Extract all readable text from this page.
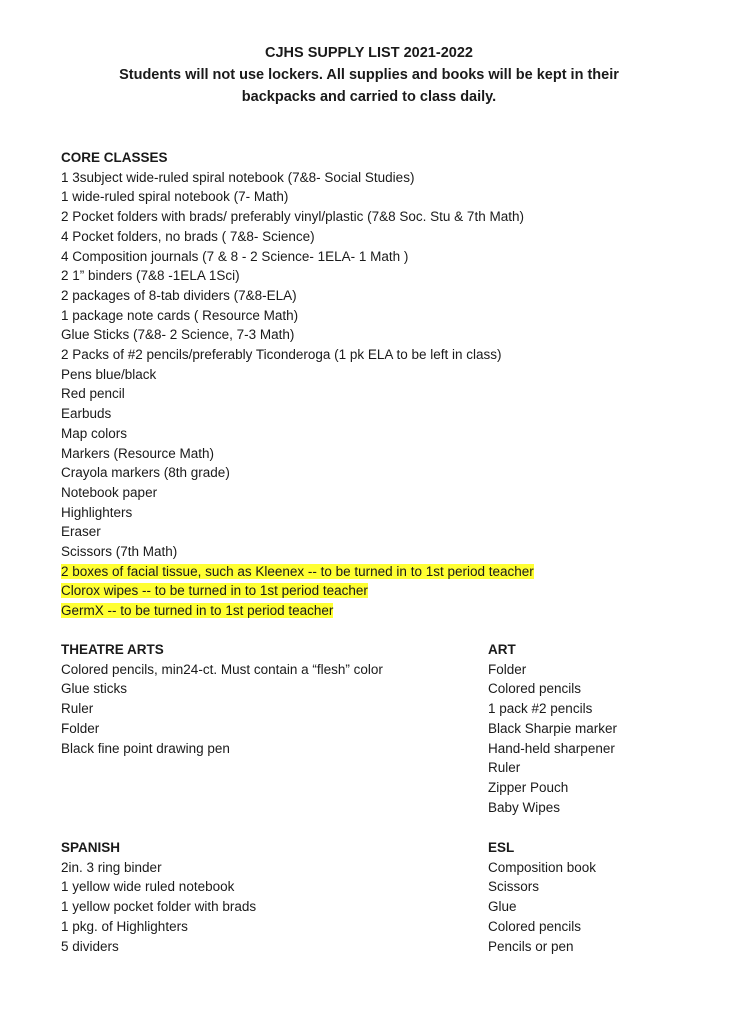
CJHS SUPPLY LIST 2021-2022
Students will not use lockers. All supplies and books will be kept in their
backpacks and carried to class daily.
CORE CLASSES
1 3subject wide-ruled spiral notebook (7&8- Social Studies)
1 wide-ruled spiral notebook (7- Math)
2 Pocket folders with brads/ preferably vinyl/plastic (7&8 Soc. Stu & 7th Math)
4 Pocket folders, no brads ( 7&8- Science)
4 Composition journals (7 & 8 - 2 Science- 1ELA- 1 Math )
2 1” binders (7&8 -1ELA 1Sci)
2 packages of 8-tab dividers (7&8-ELA)
1 package note cards ( Resource Math)
Glue Sticks (7&8- 2 Science, 7-3 Math)
2 Packs of #2 pencils/preferably Ticonderoga (1 pk ELA to be left in class)
Pens blue/black
Red pencil
Earbuds
Map colors
Markers (Resource Math)
Crayola markers (8th grade)
Notebook paper
Highlighters
Eraser
Scissors (7th Math)
2 boxes of facial tissue, such as Kleenex -- to be turned in to 1st period teacher
Clorox wipes -- to be turned in to 1st period teacher
GermX -- to be turned in to 1st period teacher
THEATRE ARTS
Colored pencils, min24-ct. Must contain a “flesh” color
Glue sticks
Ruler
Folder
Black fine point drawing pen
ART
Folder
Colored pencils
1 pack #2 pencils
Black Sharpie marker
Hand-held sharpener
Ruler
Zipper Pouch
Baby Wipes
SPANISH
2in. 3 ring binder
1 yellow wide ruled notebook
1 yellow pocket folder with brads
1 pkg. of Highlighters
5 dividers
ESL
Composition book
Scissors
Glue
Colored pencils
Pencils or pen
